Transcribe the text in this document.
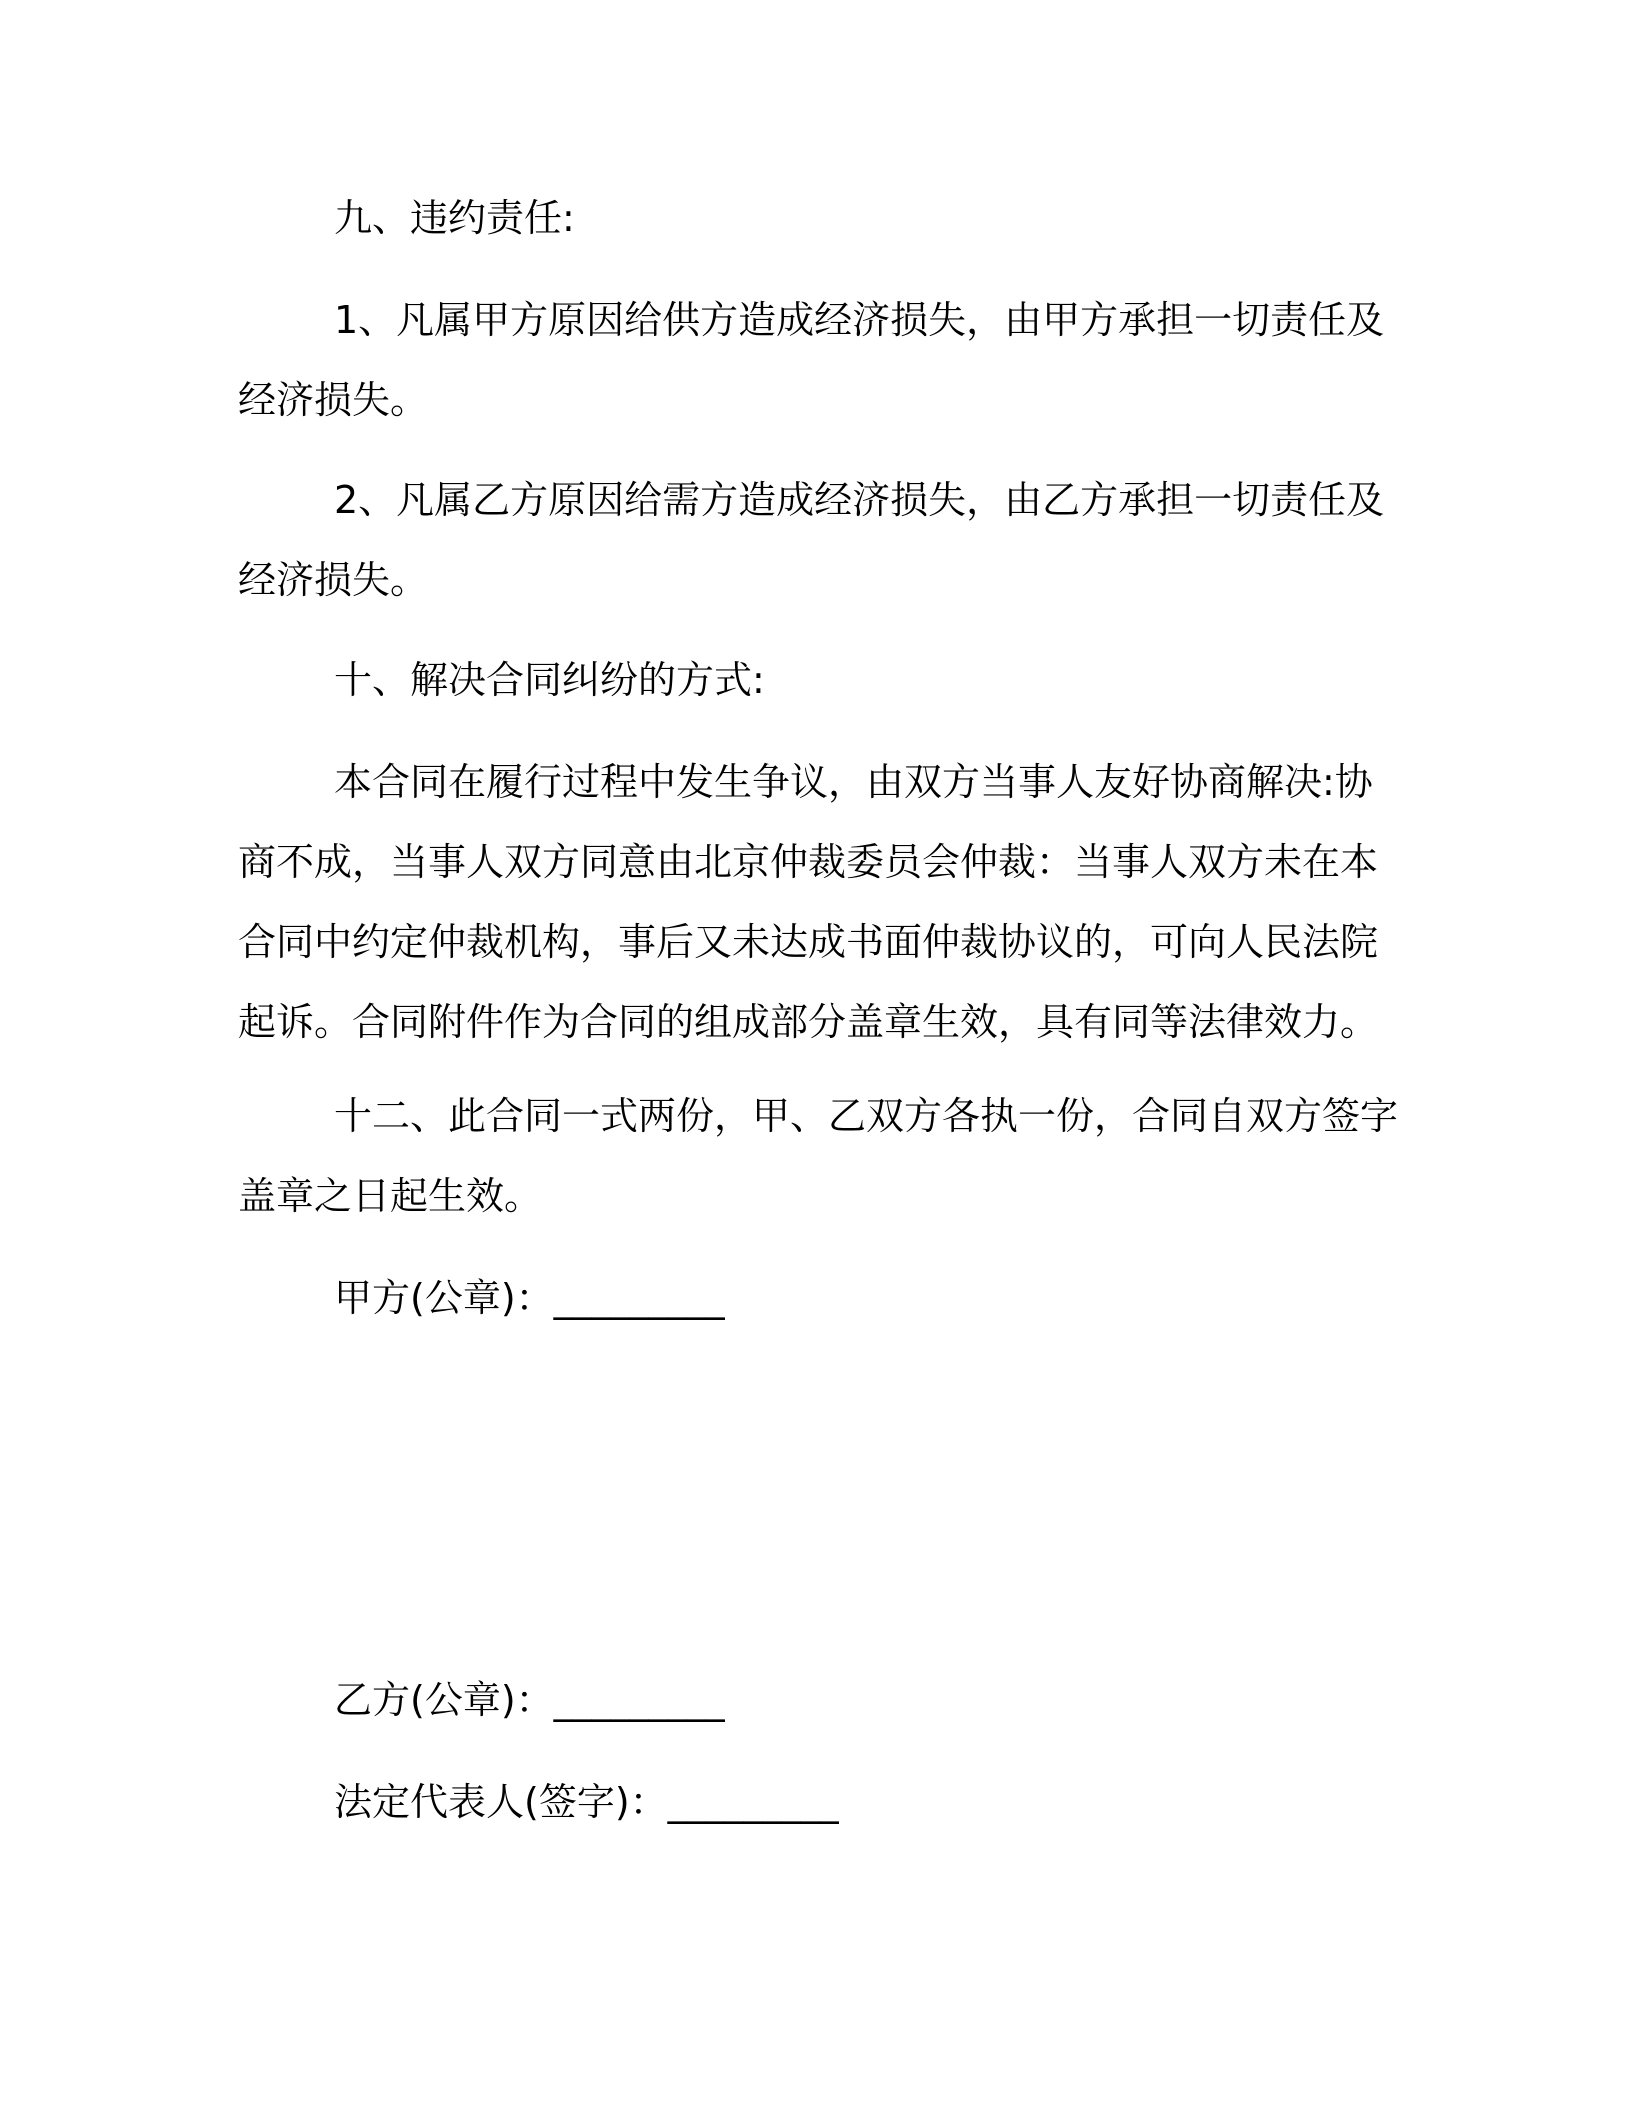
九、违约责任:
1、凡属甲方原因给供方造成经济损失，由甲方承担一切责任及
经济损失。
2、凡属乙方原因给需方造成经济损失，由乙方承担一切责任及
经济损失。
十、解决合同纠纷的方式:
本合同在履行过程中发生争议，由双方当事人友好协商解决:协
商不成，当事人双方同意由北京仲裁委员会仲裁：当事人双方未在本
合同中约定仲裁机构，事后又未达成书面仲裁协议的，可向人民法院
起诉。合同附件作为合同的组成部分盖章生效，具有同等法律效力。
十二、此合同一式两份，甲、乙双方各执一份，合同自双方签字
盖章之日起生效。
甲方(公章)：_________
乙方(公章)：_________
法定代表人(签字)：_________
